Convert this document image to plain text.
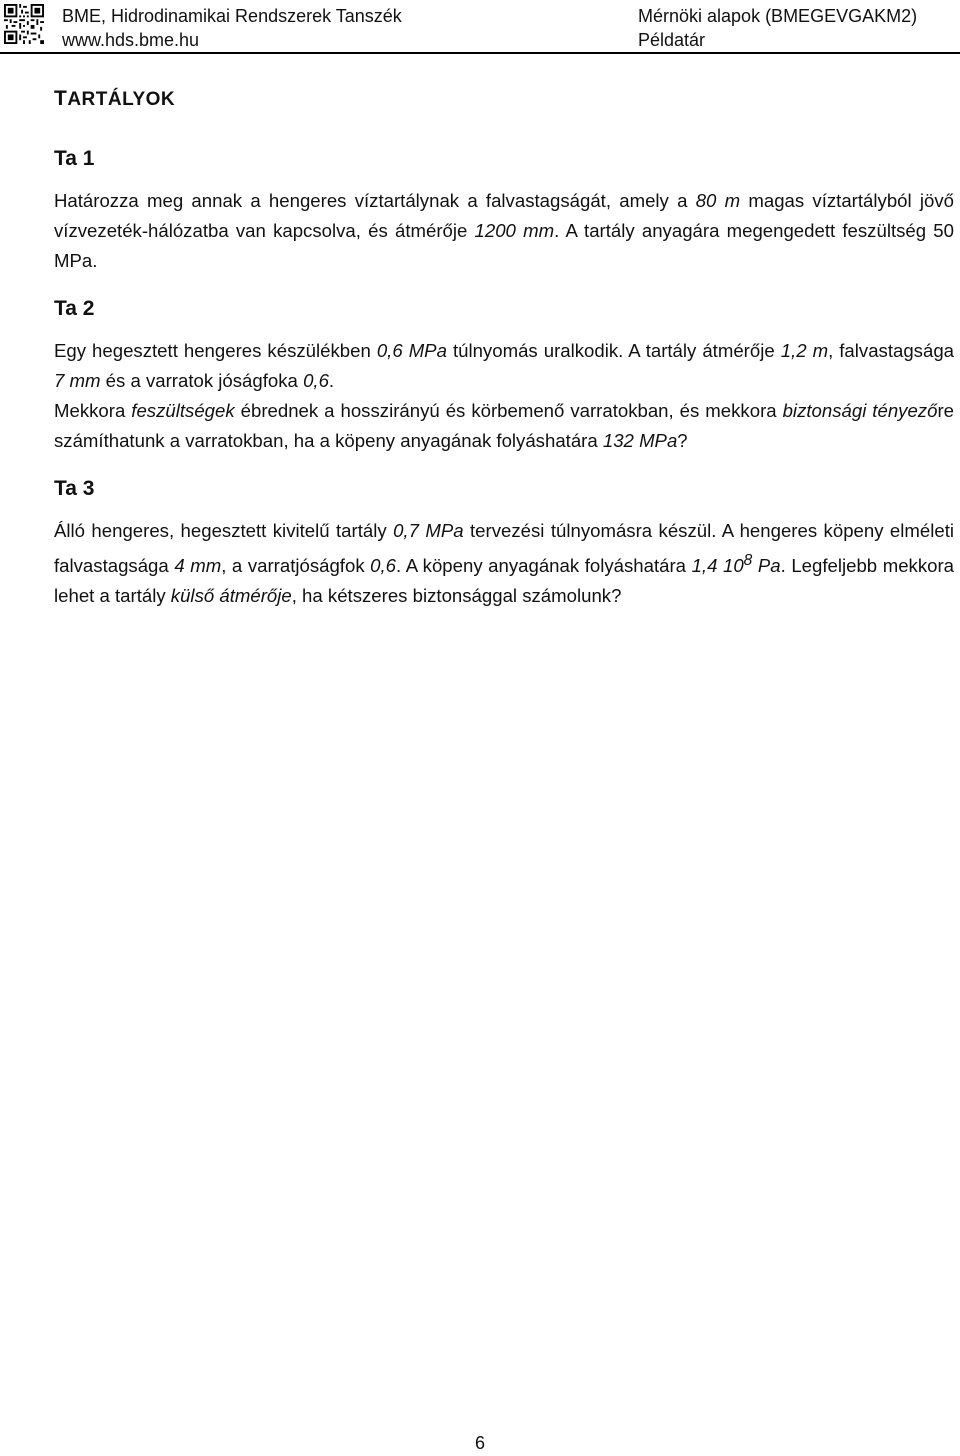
BME, Hidrodinamikai Rendszerek Tanszék
www.hds.bme.hu
Mérnöki alapok (BMEGEVGAKM2)
Példatár
TARTÁLYOK
Ta 1

Határozza meg annak a hengeres víztartálynak a falvastagságát, amely a 80 m magas víztartályból jövő vízvezeték-hálózatba van kapcsolva, és átmérője 1200 mm. A tartály anyagára megengedett feszültség 50 MPa.

Ta 2

Egy hegesztett hengeres készülékben 0,6 MPa túlnyomás uralkodik. A tartály átmérője 1,2 m, falvastagsága 7 mm és a varratok jóságfoka 0,6.

Mekkora feszültségek ébrednek a hosszirányú és körbemenő varratokban, és mekkora biztonsági tényezőre számíthatunk a varratokban, ha a köpeny anyagának folyáshatára 132 MPa?

Ta 3

Álló hengeres, hegesztett kivitelű tartály 0,7 MPa tervezési túlnyomásra készül. A hengeres köpeny elméleti falvastagsága 4 mm, a varratjóságfok 0,6. A köpeny anyagának folyáshatára 1,4 $10^8$ Pa. Legfeljebb mekkora lehet a tartály külső átmérője, ha kétszeres biztonsággal számolunk?

6
